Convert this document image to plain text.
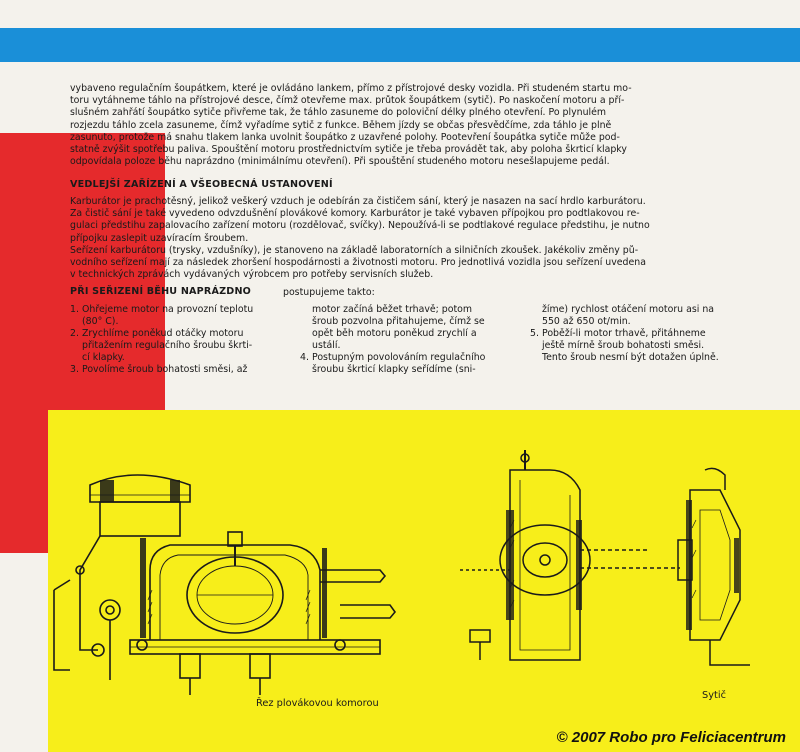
vybaveno regulačním šoupátkem, které je ovládáno lankem, přímo z přístrojové desky vozidla. Při studeném startu mo-
toru vytáhneme táhlo na přístrojové desce, čímž otevřeme max. průtok šoupátkem (sytič). Po naskočení motoru a pří-
slušném zahřátí šoupátko sytiče přivřeme tak, že táhlo zasuneme do poloviční délky plného otevření. Po plynulém
rozjezdu táhlo zcela zasuneme, čímž vyřadíme sytič z funkce. Během jízdy se občas přesvědčíme, zda táhlo je plně
zasunuto, protože má snahu tlakem lanka uvolnit šoupátko z uzavřené polohy. Pootevření šoupátka sytiče může pod-
statně zvýšit spotřebu paliva. Spouštění motoru prostřednictvím sytiče je třeba provádět tak, aby poloha škrticí klapky
odpovídala poloze běhu naprázdno (minimálnímu otevření). Při spouštění studeného motoru nesešlapujeme pedál.
VEDLEJŠÍ ZAŘÍZENÍ A VŠEOBECNÁ USTANOVENÍ
Karburátor je prachotěsný, jelikož veškerý vzduch je odebírán za čističem sání, který je nasazen na sací hrdlo karburátoru.
Za čistič sání je také vyvedeno odvzdušnění plovákové komory. Karburátor je také vybaven přípojkou pro podtlakovou re-
gulaci předstihu zapalovacího zařízení motoru (rozdělovač, svíčky). Nepoužívá-li se podtlakové regulace předstihu, je nutno
přípojku zaslepit uzavíracím šroubem.
Seřízení karburátoru (trysky, vzdušníky), je stanoveno na základě laboratorních a silničních zkoušek. Jakékoliv změny pů-
vodního seřízení mají za následek zhoršení hospodárnosti a životnosti motoru. Pro jednotlivá vozidla jsou seřízení uvedena
v technických zprávách vydávaných výrobcem pro potřeby servisních služeb.
PŘI SEŘIZENÍ BĚHU NAPRÁZDNO	postupujeme takto:
1. Ohřejeme motor na provozní teplotu
(80° C).
2. Zrychlíme poněkud otáčky motoru
přitažením regulačního šroubu škrti-
cí klapky.
3. Povolíme šroub bohatosti směsi, až
motor začíná běžet trhavě; potom
šroub pozvolna přitahujeme, čímž se
opět běh motoru poněkud zrychlí a
ustálí.
4. Postupným povolováním regulačního
šroubu škrticí klapky seřídíme (sni-
žíme) rychlost otáčení motoru asi na
550 až 650 ot/min.
5. Poběží-li motor trhavě, přitáhneme
ještě mírně šroub bohatosti směsi.
Tento šroub nesmí být dotažen úplně.
Řez plovákovou komorou
Sytič
© 2007 Robo pro Feliciacentrum
